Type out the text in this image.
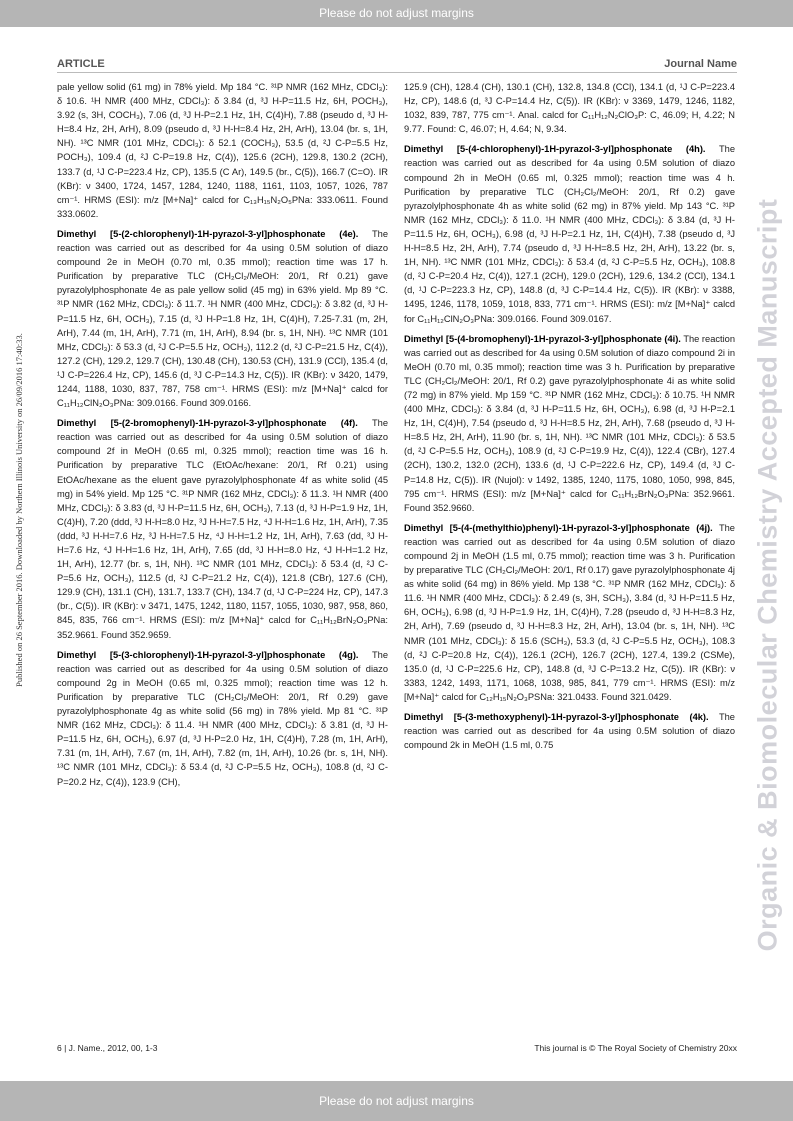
Please do not adjust margins
ARTICLE	Journal Name
Published on 26 September 2016. Downloaded by Northern Illinois University on 26/09/2016 17:40:33.

pale yellow solid (61 mg) in 78% yield. Mp 184 °C. ³¹P NMR (162 MHz, CDCl₃): δ 10.6. ¹H NMR (400 MHz, CDCl₃): δ 3.84 (d, ³J H-P=11.5 Hz, 6H, POCH₃), 3.92 (s, 3H, COCH₃), 7.06 (d, ³J H-P=2.1 Hz, 1H, C(4)H), 7.88 (pseudo d, ³J H-H=8.4 Hz, 2H, ArH), 8.09 (pseudo d, ³J H-H=8.4 Hz, 2H, ArH), 13.04 (br. s, 1H, NH). ¹³C NMR (101 MHz, CDCl₃): δ 52.1 (COCH₃), 53.5 (d, ²J C-P=5.5 Hz, POCH₃), 109.4 (d, ²J C-P=19.8 Hz, C(4)), 125.6 (2CH), 129.8, 130.2 (2CH), 133.7 (d, ¹J C-P=223.4 Hz, CP), 135.5 (C Ar), 149.5 (br., C(5)), 166.7 (C=O). IR (KBr): ν 3400, 1724, 1457, 1284, 1240, 1188, 1161, 1103, 1057, 1026, 787 cm⁻¹. HRMS (ESI): m/z [M+Na]⁺ calcd for C₁₃H₁₅N₂O₅PNa: 333.0611. Found 333.0602.

Dimethyl [5-(2-chlorophenyl)-1H-pyrazol-3-yl]phosphonate (4e). The reaction was carried out as described for 4a using 0.5M solution of diazo compound 2e in MeOH (0.70 ml, 0.35 mmol); reaction time was 17 h. Purification by preparative TLC (CH₂Cl₂/MeOH: 20/1, Rf 0.21) gave pyrazolylphosphonate 4e as pale yellow solid (45 mg) in 63% yield. Mp 89 °C. ³¹P NMR (162 MHz, CDCl₃): δ 11.7. ¹H NMR (400 MHz, CDCl₃): δ 3.82 (d, ³J H-P=11.5 Hz, 6H, OCH₃), 7.15 (d, ³J H-P=1.8 Hz, 1H, C(4)H), 7.25-7.31 (m, 2H, ArH), 7.44 (m, 1H, ArH), 7.71 (m, 1H, ArH), 8.94 (br. s, 1H, NH). ¹³C NMR (101 MHz, CDCl₃): δ 53.3 (d, ²J C-P=5.5 Hz, OCH₃), 112.2 (d, ²J C-P=21.5 Hz, C(4)), 127.2 (CH), 129.2, 129.7 (CH), 130.48 (CH), 130.53 (CH), 131.9 (CCl), 135.4 (d, ¹J C-P=226.4 Hz, CP), 145.6 (d, ³J C-P=14.3 Hz, C(5)). IR (KBr): ν 3420, 1479, 1244, 1188, 1030, 837, 787, 758 cm⁻¹. HRMS (ESI): m/z [M+Na]⁺ calcd for C₁₁H₁₂ClN₂O₃PNa: 309.0166. Found 309.0166.

Dimethyl [5-(2-bromophenyl)-1H-pyrazol-3-yl]phosphonate (4f). The reaction was carried out as described for 4a using 0.5M solution of diazo compound 2f in MeOH (0.65 ml, 0.325 mmol); reaction time was 16 h. Purification by preparative TLC (EtOAc/hexane: 20/1, Rf 0.21) using EtOAc/hexane as the eluent gave pyrazolylphosphonate 4f as white solid (45 mg) in 54% yield. Mp 125 °C. ³¹P NMR (162 MHz, CDCl₃): δ 11.3. ¹H NMR (400 MHz, CDCl₃): δ 3.83 (d, ³J H-P=11.5 Hz, 6H, OCH₃), 7.13 (d, ³J H-P=1.9 Hz, 1H, C(4)H), 7.20 (ddd, ³J H-H=8.0 Hz, ³J H-H=7.5 Hz, ⁴J H-H=1.6 Hz, 1H, ArH), 7.35 (ddd, ³J H-H=7.6 Hz, ³J H-H=7.5 Hz, ⁴J H-H=1.2 Hz, 1H, ArH), 7.63 (dd, ³J H-H=7.6 Hz, ⁴J H-H=1.6 Hz, 1H, ArH), 7.65 (dd, ³J H-H=8.0 Hz, ⁴J H-H=1.2 Hz, 1H, ArH), 12.77 (br. s, 1H, NH). ¹³C NMR (101 MHz, CDCl₃): δ 53.4 (d, ²J C-P=5.6 Hz, OCH₃), 112.5 (d, ²J C-P=21.2 Hz, C(4)), 121.8 (CBr), 127.6 (CH), 129.9 (CH), 131.1 (CH), 131.7, 133.7 (CH), 134.7 (d, ¹J C-P=224 Hz, CP), 147.3 (br., C(5)). IR (KBr): ν 3471, 1475, 1242, 1180, 1157, 1055, 1030, 987, 958, 860, 845, 835, 766 cm⁻¹. HRMS (ESI): m/z [M+Na]⁺ calcd for C₁₁H₁₂BrN₂O₃PNa: 352.9661. Found 352.9659.

Dimethyl [5-(3-chlorophenyl)-1H-pyrazol-3-yl]phosphonate (4g). The reaction was carried out as described for 4a using 0.5M solution of diazo compound 2g in MeOH (0.65 ml, 0.325 mmol); reaction time was 12 h. Purification by preparative TLC (CH₂Cl₂/MeOH: 20/1, Rf 0.29) gave pyrazolylphosphonate 4g as white solid (56 mg) in 78% yield. Mp 81 °C. ³¹P NMR (162 MHz, CDCl₃): δ 11.4. ¹H NMR (400 MHz, CDCl₃): δ 3.81 (d, ³J H-P=11.5 Hz, 6H, OCH₃), 6.97 (d, ³J H-P=2.0 Hz, 1H, C(4)H), 7.28 (m, 1H, ArH), 7.31 (m, 1H, ArH), 7.67 (m, 1H, ArH), 7.82 (m, 1H, ArH), 10.26 (br. s, 1H, NH). ¹³C NMR (101 MHz, CDCl₃): δ 53.4 (d, ²J C-P=5.5 Hz, OCH₃), 108.8 (d, ²J C-P=20.2 Hz, C(4)), 123.9 (CH),

125.9 (CH), 128.4 (CH), 130.1 (CH), 132.8, 134.8 (CCl), 134.1 (d, ¹J C-P=223.4 Hz, CP), 148.6 (d, ³J C-P=14.4 Hz, C(5)). IR (KBr): ν 3369, 1479, 1246, 1182, 1032, 839, 787, 775 cm⁻¹. Anal. calcd for C₁₁H₁₂N₂ClO₃P: C, 46.09; H, 4.22; N 9.77. Found: C, 46.07; H, 4.64; N, 9.34.

Dimethyl [5-(4-chlorophenyl)-1H-pyrazol-3-yl]phosphonate (4h). The reaction was carried out as described for 4a using 0.5M solution of diazo compound 2h in MeOH (0.65 ml, 0.325 mmol); reaction time was 4 h. Purification by preparative TLC (CH₂Cl₂/MeOH: 20/1, Rf 0.2) gave pyrazolylphosphonate 4h as white solid (62 mg) in 87% yield. Mp 143 °C. ³¹P NMR (162 MHz, CDCl₃): δ 11.0. ¹H NMR (400 MHz, CDCl₃): δ 3.84 (d, ³J H-P=11.5 Hz, 6H, OCH₃), 6.98 (d, ³J H-P=2.1 Hz, 1H, C(4)H), 7.38 (pseudo d, ³J H-H=8.5 Hz, 2H, ArH), 7.74 (pseudo d, ³J H-H=8.5 Hz, 2H, ArH), 13.22 (br. s, 1H, NH). ¹³C NMR (101 MHz, CDCl₃): δ 53.4 (d, ²J C-P=5.5 Hz, OCH₃), 108.8 (d, ²J C-P=20.4 Hz, C(4)), 127.1 (2CH), 129.0 (2CH), 129.6, 134.2 (CCl), 134.1 (d, ¹J C-P=223.3 Hz, CP), 148.8 (d, ³J C-P=14.4 Hz, C(5)). IR (KBr): ν 3388, 1495, 1246, 1178, 1059, 1018, 833, 771 cm⁻¹. HRMS (ESI): m/z [M+Na]⁺ calcd for C₁₁H₁₂ClN₂O₃PNa: 309.0166. Found 309.0167.

Dimethyl [5-(4-bromophenyl)-1H-pyrazol-3-yl]phosphonate (4i). The reaction was carried out as described for 4a using 0.5M solution of diazo compound 2i in MeOH (0.70 ml, 0.35 mmol); reaction time was 3 h. Purification by preparative TLC (CH₂Cl₂/MeOH: 20/1, Rf 0.2) gave pyrazolylphosphonate 4i as white solid (72 mg) in 87% yield. Mp 159 °C. ³¹P NMR (162 MHz, CDCl₃): δ 10.75. ¹H NMR (400 MHz, CDCl₃): δ 3.84 (d, ³J H-P=11.5 Hz, 6H, OCH₃), 6.98 (d, ³J H-P=2.1 Hz, 1H, C(4)H), 7.54 (pseudo d, ³J H-H=8.5 Hz, 2H, ArH), 7.68 (pseudo d, ³J H-H=8.5 Hz, 2H, ArH), 11.90 (br. s, 1H, NH). ¹³C NMR (101 MHz, CDCl₃): δ 53.5 (d, ²J C-P=5.5 Hz, OCH₃), 108.9 (d, ²J C-P=19.9 Hz, C(4)), 122.4 (CBr), 127.4 (2CH), 130.2, 132.0 (2CH), 133.6 (d, ¹J C-P=222.6 Hz, CP), 149.4 (d, ³J C-P=14.8 Hz, C(5)). IR (Nujol): ν 1492, 1385, 1240, 1175, 1080, 1050, 998, 845, 795 cm⁻¹. HRMS (ESI): m/z [M+Na]⁺ calcd for C₁₁H₁₂BrN₂O₃PNa: 352.9661. Found 352.9660.

Dimethyl [5-(4-(methylthio)phenyl)-1H-pyrazol-3-yl]phosphonate (4j). The reaction was carried out as described for 4a using 0.5M solution of diazo compound 2j in MeOH (1.5 ml, 0.75 mmol); reaction time was 3 h. Purification by preparative TLC (CH₂Cl₂/MeOH: 20/1, Rf 0.17) gave pyrazolylphosphonate 4j as white solid (64 mg) in 86% yield. Mp 138 °C. ³¹P NMR (162 MHz, CDCl₃): δ 11.6. ¹H NMR (400 MHz, CDCl₃): δ 2.49 (s, 3H, SCH₃), 3.84 (d, ³J H-P=11.5 Hz, 6H, OCH₃), 6.98 (d, ³J H-P=1.9 Hz, 1H, C(4)H), 7.28 (pseudo d, ³J H-H=8.3 Hz, 2H, ArH), 7.69 (pseudo d, ³J H-H=8.3 Hz, 2H, ArH), 13.04 (br. s, 1H, NH). ¹³C NMR (101 MHz, CDCl₃): δ 15.6 (SCH₃), 53.3 (d, ²J C-P=5.5 Hz, OCH₃), 108.3 (d, ²J C-P=20.8 Hz, C(4)), 126.1 (2CH), 126.7 (2CH), 127.4, 139.2 (CSMe), 135.0 (d, ¹J C-P=225.6 Hz, CP), 148.8 (d, ³J C-P=13.2 Hz, C(5)). IR (KBr): ν 3383, 1242, 1493, 1171, 1068, 1038, 985, 841, 779 cm⁻¹. HRMS (ESI): m/z [M+Na]⁺ calcd for C₁₂H₁₅N₂O₃PSNa: 321.0433. Found 321.0429.

Dimethyl [5-(3-methoxyphenyl)-1H-pyrazol-3-yl]phosphonate (4k). The reaction was carried out as described for 4a using 0.5M solution of diazo compound 2k in MeOH (1.5 ml, 0.75	Organic & Biomolecular Chemistry Accepted Manuscript
6 | J. Name., 2012, 00, 1-3	This journal is © The Royal Society of Chemistry 20xx
Please do not adjust margins
